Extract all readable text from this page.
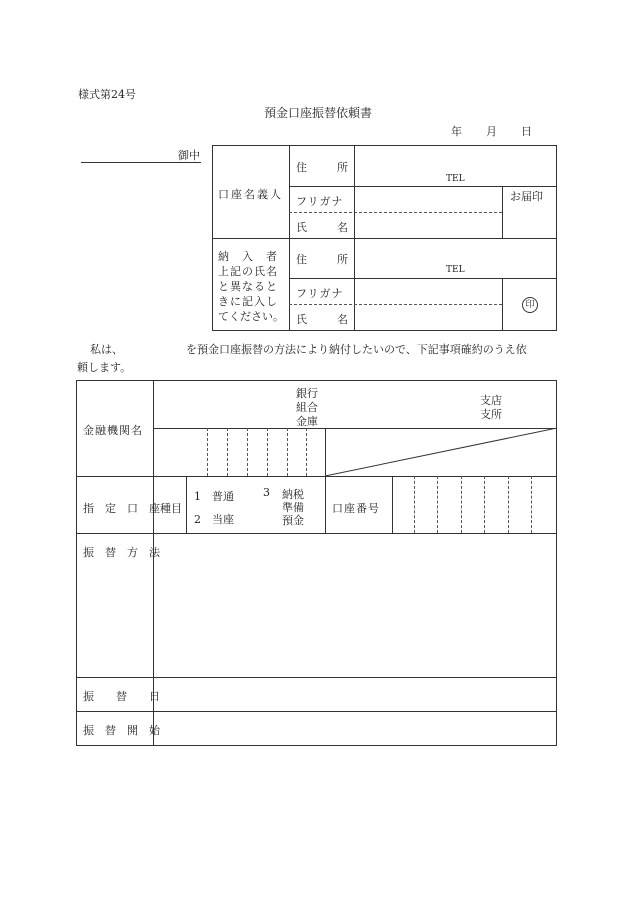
様式第24号
預金口座振替依頼書
年 月 日
御中
口座名義人
住　所
TEL
フリガナ
氏　名
お届印
納　入　者
上記の氏名
と異なると
きに記入し
てください。
住　所
TEL
フリガナ
氏　名
印
私は、	を預金口座振替の方法により納付したいので、下記事項確約のうえ依
頼します。
金融機関名
銀行
組合
金庫
支店
支所
指　定　口　座 種目
1　普通
2　当座
3 納税
準備
預金
口座番号
振　替　方　法
振　　替　　日
振　替　開　始
